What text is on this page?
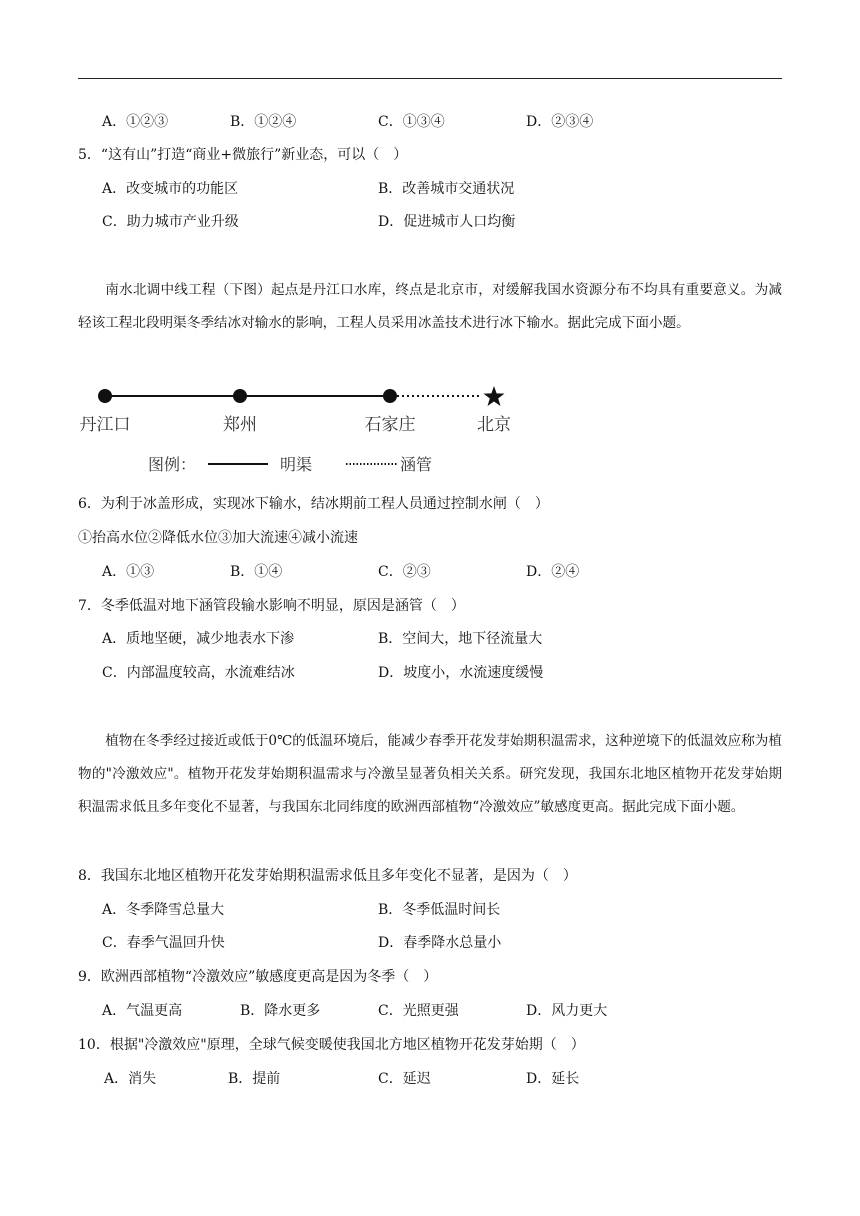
A．①②③	B．①②④	C．①③④	D．②③④
5．“这有山”打造“商业+微旅行”新业态，可以（　）
A．改变城市的功能区	B．改善城市交通状况
C．助力城市产业升级	D．促进城市人口均衡
南水北调中线工程（下图）起点是丹江口水库，终点是北京市，对缓解我国水资源分布不均具有重要意义。为减轻该工程北段明渠冬季结冰对输水的影响，工程人员采用冰盖技术进行冰下输水。据此完成下面小题。
丹江口	郑州	石家庄	北京
图例：	明渠	涵管
6．为利于冰盖形成，实现冰下输水，结冰期前工程人员通过控制水闸（　）
①抬高水位②降低水位③加大流速④减小流速
A．①③	B．①④	C．②③	D．②④
7．冬季低温对地下涵管段输水影响不明显，原因是涵管（　）
A．质地坚硬，减少地表水下渗	B．空间大，地下径流量大
C．内部温度较高，水流难结冰	D．坡度小，水流速度缓慢
植物在冬季经过接近或低于0℃的低温环境后，能减少春季开花发芽始期积温需求，这种逆境下的低温效应称为植物的"冷激效应"。植物开花发芽始期积温需求与冷激呈显著负相关关系。研究发现，我国东北地区植物开花发芽始期积温需求低且多年变化不显著，与我国东北同纬度的欧洲西部植物“冷激效应”敏感度更高。据此完成下面小题。
8．我国东北地区植物开花发芽始期积温需求低且多年变化不显著，是因为（　）
A．冬季降雪总量大	B．冬季低温时间长
C．春季气温回升快	D．春季降水总量小
9．欧洲西部植物“冷激效应”敏感度更高是因为冬季（　）
A．气温更高	B．降水更多	C．光照更强	D．风力更大
10．根据"冷激效应"原理，全球气候变暖使我国北方地区植物开花发芽始期（　）
A．消失	B．提前	C．延迟	D．延长
